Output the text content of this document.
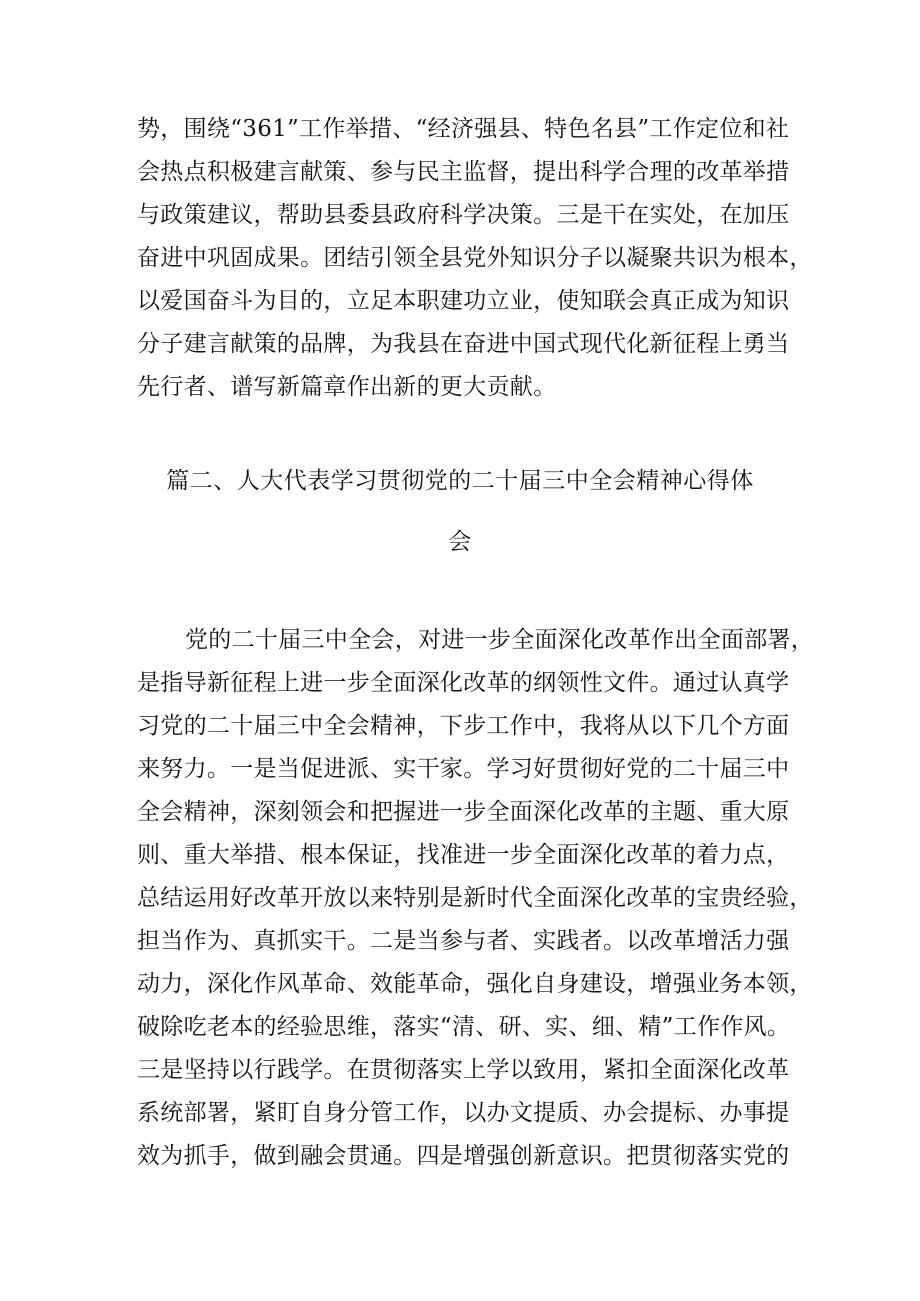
势，围绕“361”工作举措、“经济强县、特色名县”工作定位和社
会热点积极建言献策、参与民主监督，提出科学合理的改革举措
与政策建议，帮助县委县政府科学决策。三是干在实处，在加压
奋进中巩固成果。团结引领全县党外知识分子以凝聚共识为根本，
以爱国奋斗为目的，立足本职建功立业，使知联会真正成为知识
分子建言献策的品牌，为我县在奋进中国式现代化新征程上勇当
先行者、谱写新篇章作出新的更大贡献。
篇二、人大代表学习贯彻党的二十届三中全会精神心得体
会
党的二十届三中全会，对进一步全面深化改革作出全面部署，
是指导新征程上进一步全面深化改革的纲领性文件。通过认真学
习党的二十届三中全会精神，下步工作中，我将从以下几个方面
来努力。一是当促进派、实干家。学习好贯彻好党的二十届三中
全会精神，深刻领会和把握进一步全面深化改革的主题、重大原
则、重大举措、根本保证，找准进一步全面深化改革的着力点，
总结运用好改革开放以来特别是新时代全面深化改革的宝贵经验，
担当作为、真抓实干。二是当参与者、实践者。以改革增活力强
动力，深化作风革命、效能革命，强化自身建设，增强业务本领，
破除吃老本的经验思维，落实“清、研、实、细、精”工作作风。
三是坚持以行践学。在贯彻落实上学以致用，紧扣全面深化改革
系统部署，紧盯自身分管工作，以办文提质、办会提标、办事提
效为抓手，做到融会贯通。四是增强创新意识。把贯彻落实党的
